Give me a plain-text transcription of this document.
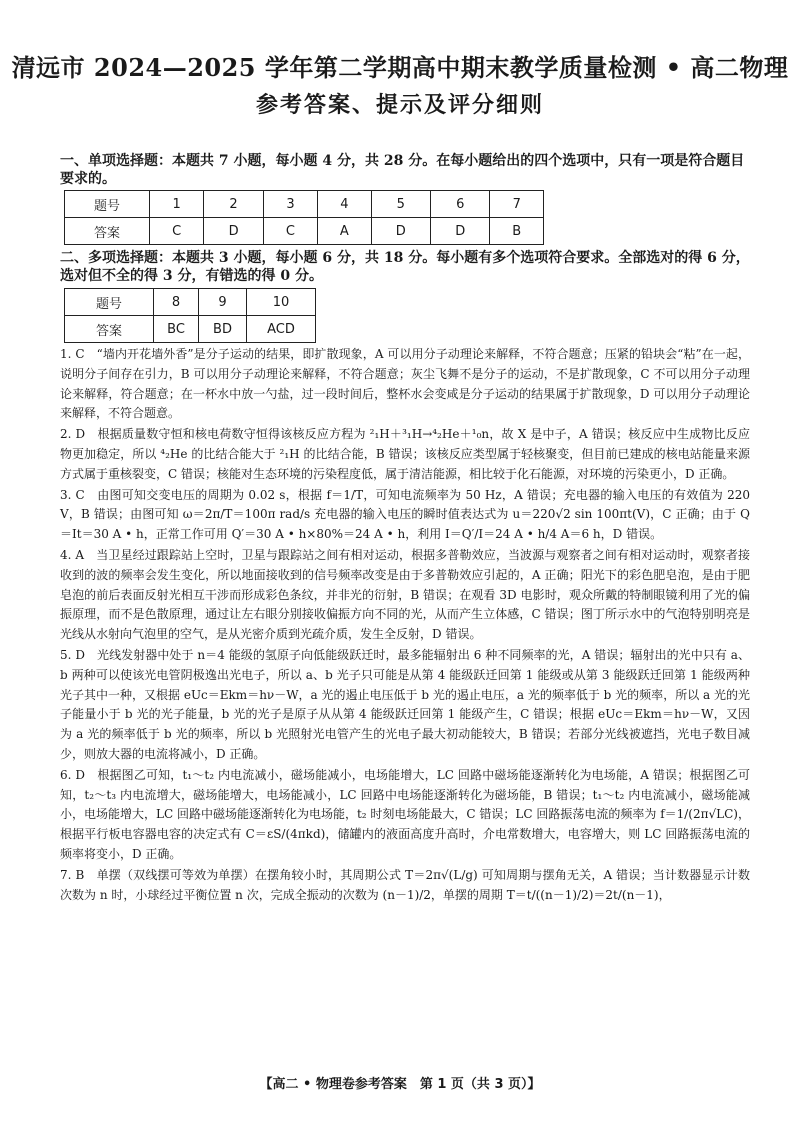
清远市 2024—2025 学年第二学期高中期末教学质量检测 • 高二物理
参考答案、提示及评分细则
一、单项选择题：本题共 7 小题，每小题 4 分，共 28 分。在每小题给出的四个选项中，只有一项是符合题目要求的。
题号	1	2	3	4	5	6	7
答案	C	D	C	A	D	D	B
二、多项选择题：本题共 3 小题，每小题 6 分，共 18 分。每小题有多个选项符合要求。全部选对的得 6 分，选对但不全的得 3 分，有错选的得 0 分。
题号	8	9	10
答案	BC	BD	ACD

1. C　“墙内开花墙外香”是分子运动的结果，即扩散现象，A 可以用分子动理论来解释，不符合题意；压紧的铅块会“粘”在一起，说明分子间存在引力，B 可以用分子动理论来解释，不符合题意；灰尘飞舞不是分子的运动，不是扩散现象，C 不可以用分子动理论来解释，符合题意；在一杯水中放一勺盐，过一段时间后，整杯水会变咸是分子运动的结果属于扩散现象，D 可以用分子动理论来解释，不符合题意。

2. D　根据质量数守恒和核电荷数守恒得该核反应方程为 ²₁H＋³₁H→⁴₂He＋¹₀n，故 X 是中子，A 错误；核反应中生成物比反应物更加稳定，所以 ⁴₂He 的比结合能大于 ²₁H 的比结合能，B 错误；该核反应类型属于轻核聚变，但目前已建成的核电站能量来源方式属于重核裂变，C 错误；核能对生态环境的污染程度低，属于清洁能源，相比较于化石能源，对环境的污染更小，D 正确。

3. C　由图可知交变电压的周期为 0.02 s，根据 f＝1/T，可知电流频率为 50 Hz，A 错误；充电器的输入电压的有效值为 220 V，B 错误；由图可知 ω＝2π/T＝100π rad/s 充电器的输入电压的瞬时值表达式为 u＝220√2 sin 100πt(V)，C 正确；由于 Q＝It＝30 A • h，正常工作可用 Q′＝30 A • h×80%＝24 A • h，利用 I＝Q′/I＝24 A • h/4 A＝6 h，D 错误。

4. A　当卫星经过跟踪站上空时，卫星与跟踪站之间有相对运动，根据多普勒效应，当波源与观察者之间有相对运动时，观察者接收到的波的频率会发生变化，所以地面接收到的信号频率改变是由于多普勒效应引起的，A 正确；阳光下的彩色肥皂泡，是由于肥皂泡的前后表面反射光相互干涉而形成彩色条纹，并非光的衍射，B 错误；在观看 3D 电影时，观众所戴的特制眼镜利用了光的偏振原理，而不是色散原理，通过让左右眼分别接收偏振方向不同的光，从而产生立体感，C 错误；图丁所示水中的气泡特别明亮是光线从水射向气泡里的空气，是从光密介质到光疏介质，发生全反射，D 错误。

5. D　光线发射器中处于 n＝4 能级的氢原子向低能级跃迁时，最多能辐射出 6 种不同频率的光，A 错误；辐射出的光中只有 a、b 两种可以使该光电管阴极逸出光电子，所以 a、b 光子只可能是从第 4 能级跃迁回第 1 能级或从第 3 能级跃迁回第 1 能级两种光子其中一种，又根据 eUc＝Ekm＝hν－W，a 光的遏止电压低于 b 光的遏止电压，a 光的频率低于 b 光的频率，所以 a 光的光子能量小于 b 光的光子能量，b 光的光子是原子从从第 4 能级跃迁回第 1 能级产生，C 错误；根据 eUc＝Ekm＝hν－W，又因为 a 光的频率低于 b 光的频率，所以 b 光照射光电管产生的光电子最大初动能较大，B 错误；若部分光线被遮挡，光电子数目减少，则放大器的电流将减小，D 正确。

6. D　根据图乙可知，t₁～t₂ 内电流减小，磁场能减小，电场能增大，LC 回路中磁场能逐渐转化为电场能，A 错误；根据图乙可知，t₂～t₃ 内电流增大，磁场能增大，电场能减小，LC 回路中电场能逐渐转化为磁场能，B 错误；t₁～t₂ 内电流减小，磁场能减小，电场能增大，LC 回路中磁场能逐渐转化为电场能，t₂ 时刻电场能最大，C 错误；LC 回路振荡电流的频率为 f＝1/(2π√LC)，根据平行板电容器电容的决定式有 C＝εS/(4πkd)，储罐内的液面高度升高时，介电常数增大，电容增大，则 LC 回路振荡电流的频率将变小，D 正确。

7. B　单摆（双线摆可等效为单摆）在摆角较小时，其周期公式 T＝2π√(L/g) 可知周期与摆角无关，A 错误；当计数器显示计数次数为 n 时，小球经过平衡位置 n 次，完成全振动的次数为 (n－1)/2，单摆的周期 T＝t/((n－1)/2)＝2t/(n－1)，

【高二 • 物理卷参考答案　第 1 页（共 3 页）】
